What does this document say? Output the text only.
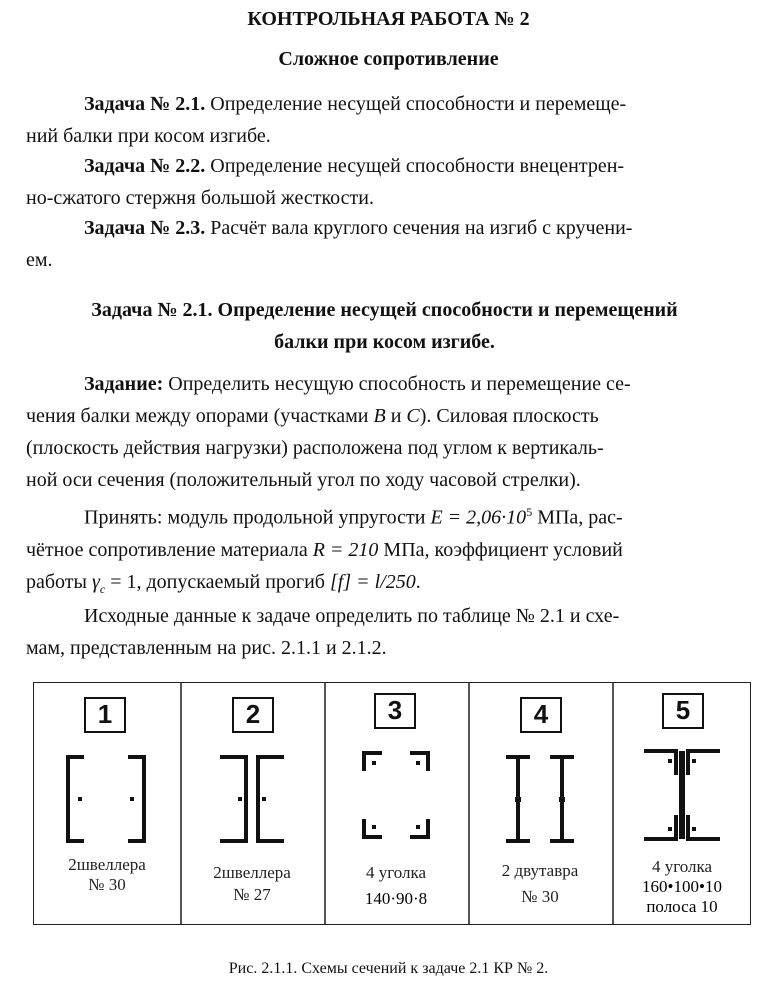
КОНТРОЛЬНАЯ РАБОТА № 2
Сложное сопротивление

Задача № 2.1. Определение несущей способности и перемеще-
ний балки при косом изгибе.

Задача № 2.2. Определение несущей способности внецентрен-
но-сжатого стержня большой жесткости.

Задача № 2.3. Расчёт вала круглого сечения на изгиб с кручени-
ем.

Задача № 2.1. Определение несущей способности и перемещений
балки при косом изгибе.

Задание: Определить несущую способность и перемещение се-
чения балки между опорами (участками B и C). Силовая плоскость
(плоскость действия нагрузки) расположена под углом к вертикаль-
ной оси сечения (положительный угол по ходу часовой стрелки).

Принять: модуль продольной упругости $E = 2,06\cdot 10^5$ МПа, рас-
чётное сопротивление материала R = 210 МПа, коэффициент условий
работы $\gamma_c = 1$, допускаемый прогиб [f] = l/250.

Исходные данные к задаче определить по таблице № 2.1 и схе-
мам, представленным на рис. 2.1.1 и 2.1.2.

1
2швеллера
№ 30
2
2швеллера
№ 27
3
4 уголка
140·90·8
4
2 двутавра
№ 30
5
4 уголка
160•100•10
полоса 10
Рис. 2.1.1. Схемы сечений к задаче 2.1 КР № 2.
